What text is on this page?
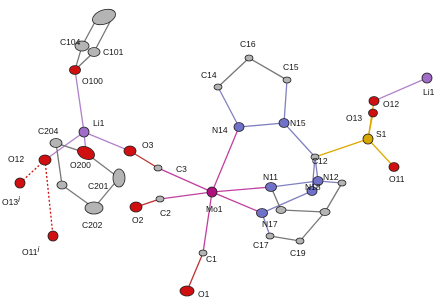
C104
C101
O100
Li1
C204
O200
C201
C202
O12
O13i
O11i
O3
C3
C2
O2
C1
O1
Mo1
N14
N15
C14
C16
C15
C12
S1
O12
O13
O11
Li1
N11	N12
N18
N17
C17
C19
